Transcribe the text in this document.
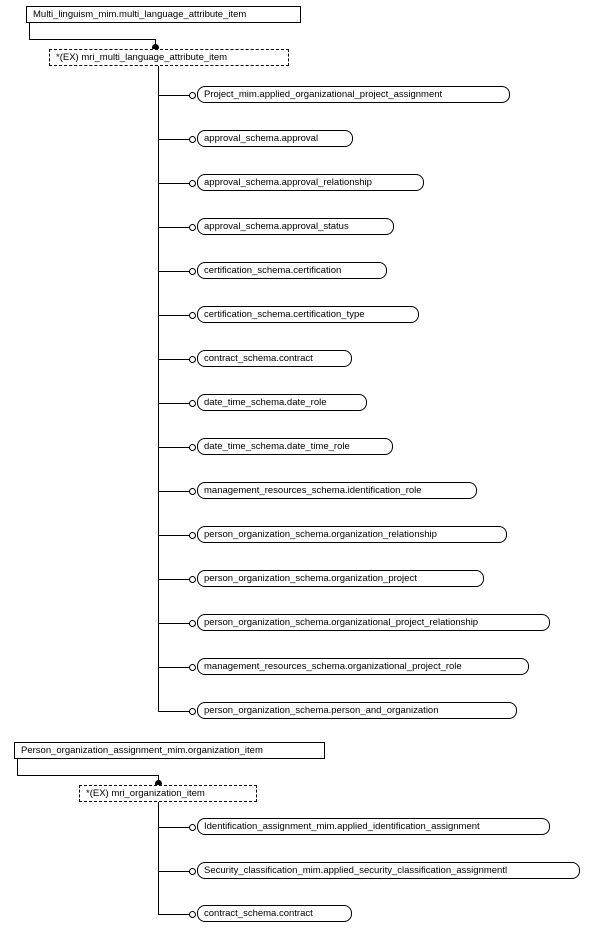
Multi_linguism_mim.multi_language_attribute_item
*(EX) mri_multi_language_attribute_item
Project_mim.applied_organizational_project_assignment
approval_schema.approval
approval_schema.approval_relationship
approval_schema.approval_status
certification_schema.certification
certification_schema.certification_type
contract_schema.contract
date_time_schema.date_role
date_time_schema.date_time_role
management_resources_schema.identification_role
person_organization_schema.organization_relationship
person_organization_schema.organization_project
person_organization_schema.organizational_project_relationship
management_resources_schema.organizational_project_role
person_organization_schema.person_and_organization
Person_organization_assignment_mim.organization_item
*(EX) mri_organization_item
Identification_assignment_mim.applied_identification_assignment
Security_classification_mim.applied_security_classification_assignmentl
contract_schema.contract
